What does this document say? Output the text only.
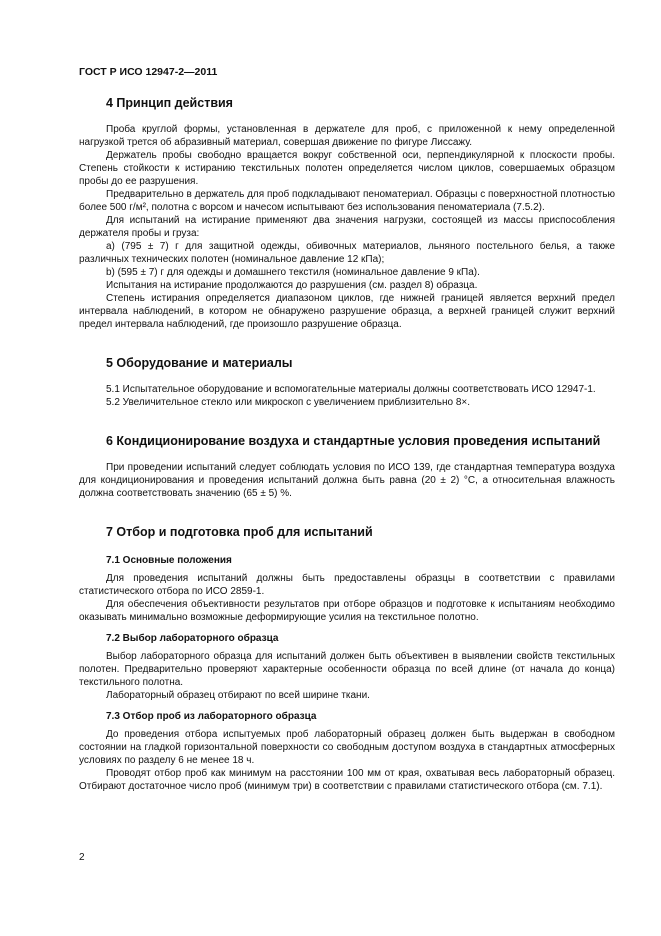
ГОСТ Р ИСО 12947-2—2011
4 Принцип действия

Проба круглой формы, установленная в держателе для проб, с приложенной к нему определенной нагрузкой трется об абразивный материал, совершая движение по фигуре Лиссажу.

Держатель пробы свободно вращается вокруг собственной оси, перпендикулярной к плоскости пробы. Степень стойкости к истиранию текстильных полотен определяется числом циклов, совершаемых образцом пробы до ее разрушения.

Предварительно в держатель для проб подкладывают пеноматериал. Образцы с поверхностной плотностью более 500 г/м², полотна с ворсом и начесом испытывают без использования пеноматериала (7.5.2).

Для испытаний на истирание применяют два значения нагрузки, состоящей из массы приспособления держателя пробы и груза:

a) (795 ± 7) г для защитной одежды, обивочных материалов, льняного постельного белья, а также различных технических полотен (номинальное давление 12 кПа);

b) (595 ± 7) г для одежды и домашнего текстиля (номинальное давление 9 кПа).

Испытания на истирание продолжаются до разрушения (см. раздел 8) образца.

Степень истирания определяется диапазоном циклов, где нижней границей является верхний предел интервала наблюдений, в котором не обнаружено разрушение образца, а верхней границей служит верхний предел интервала наблюдений, где произошло разрушение образца.

5 Оборудование и материалы

5.1 Испытательное оборудование и вспомогательные материалы должны соответствовать ИСО 12947-1.

5.2 Увеличительное стекло или микроскоп с увеличением приблизительно 8×.

6 Кондиционирование воздуха и стандартные условия проведения испытаний

При проведении испытаний следует соблюдать условия по ИСО 139, где стандартная температура воздуха для кондиционирования и проведения испытаний должна быть равна (20 ± 2) °С, а относительная влажность должна соответствовать значению (65 ± 5) %.

7 Отбор и подготовка проб для испытаний
7.1 Основные положения

Для проведения испытаний должны быть предоставлены образцы в соответствии с правилами статистического отбора по ИСО 2859-1.

Для обеспечения объективности результатов при отборе образцов и подготовке к испытаниям необходимо оказывать минимально возможные деформирующие усилия на текстильное полотно.

7.2 Выбор лабораторного образца

Выбор лабораторного образца для испытаний должен быть объективен в выявлении свойств текстильных полотен. Предварительно проверяют характерные особенности образца по всей длине (от начала до конца) текстильного полотна.

Лабораторный образец отбирают по всей ширине ткани.

7.3 Отбор проб из лабораторного образца

До проведения отбора испытуемых проб лабораторный образец должен быть выдержан в свободном состоянии на гладкой горизонтальной поверхности со свободным доступом воздуха в стандартных атмосферных условиях по разделу 6 не менее 18 ч.

Проводят отбор проб как минимум на расстоянии 100 мм от края, охватывая весь лабораторный образец. Отбирают достаточное число проб (минимум три) в соответствии с правилами статистического отбора (см. 7.1).

2
